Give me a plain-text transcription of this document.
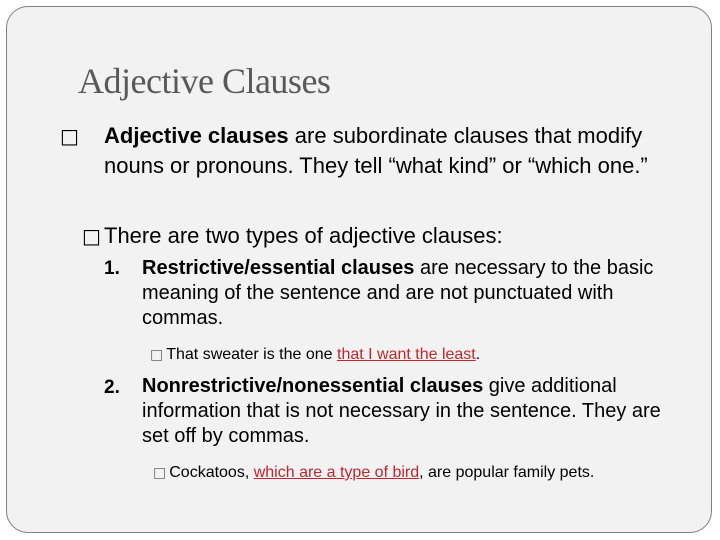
Adjective Clauses
□ Adjective clauses are subordinate clauses that modify nouns or pronouns. They tell “what kind” or “which one.”
□ There are two types of adjective clauses:
1. Restrictive/essential clauses are necessary to the basic meaning of the sentence and are not punctuated with commas.
□ That sweater is the one that I want the least.
2. Nonrestrictive/nonessential clauses give additional information that is not necessary in the sentence. They are set off by commas.
□ Cockatoos, which are a type of bird, are popular family pets.
